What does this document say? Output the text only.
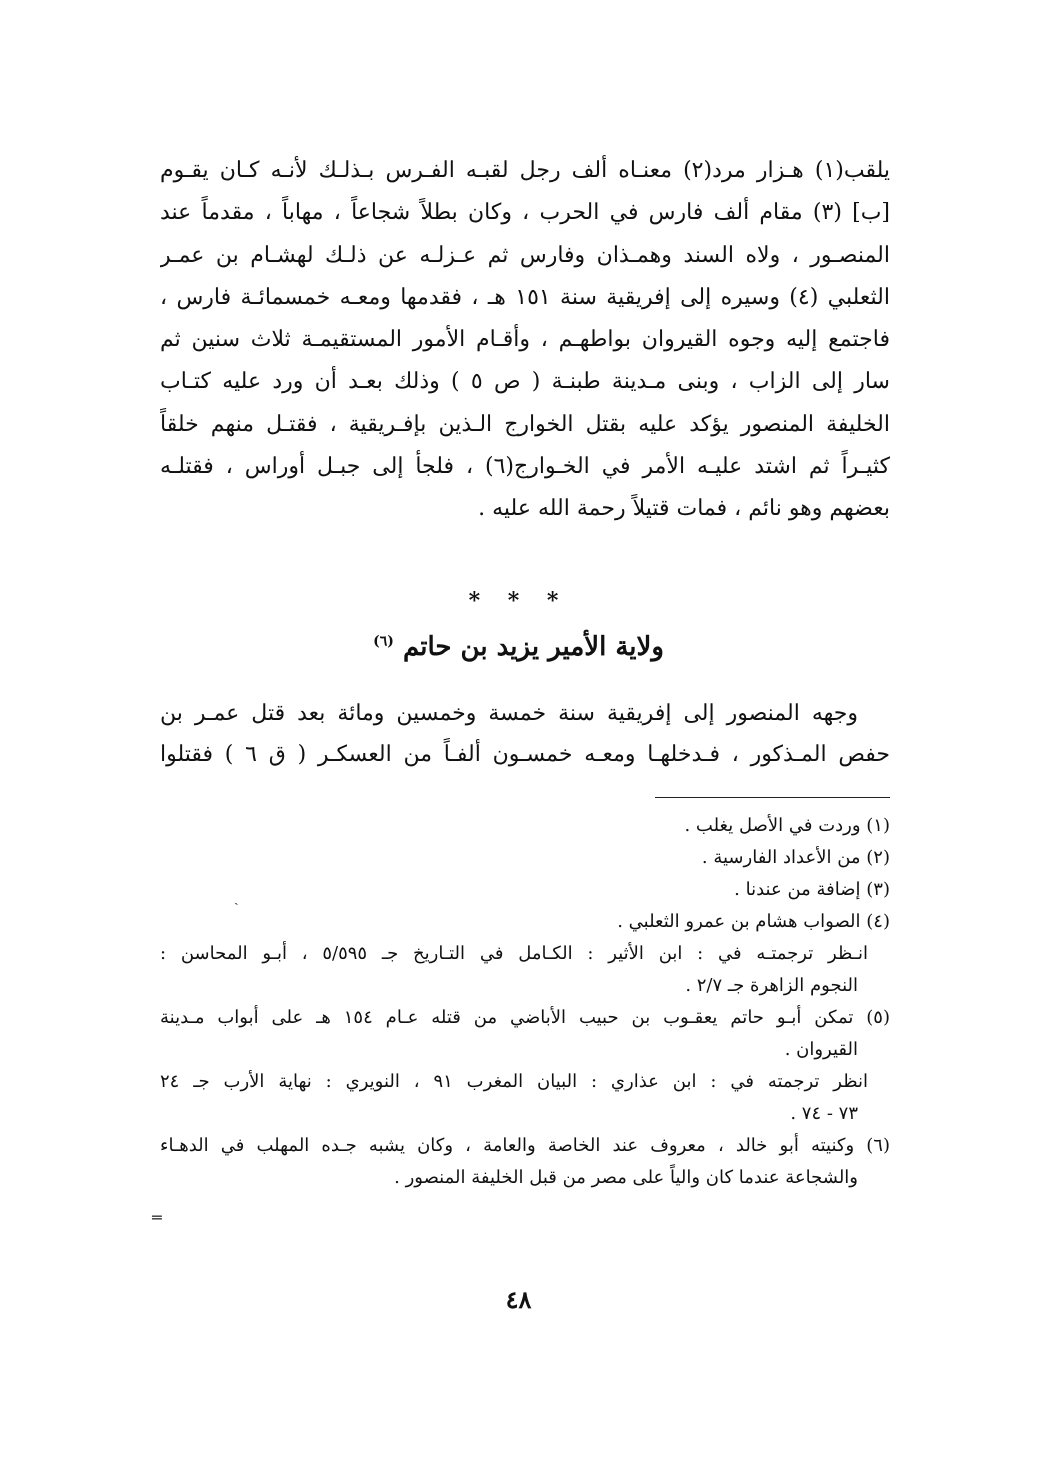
يلقب(١) هـزار مرد(٢) معنـاه ألف رجل لقبـه الفـرس بـذلـك لأنـه كـان يقـوم
[ب] (٣) مقام ألف فارس في الحرب ، وكان بطلاً شجاعاً ، مهاباً ، مقدماً عند
المنصـور ، ولاه السند وهمـذان وفارس ثم عـزلـه عن ذلـك لهشـام بن عمـر
الثعلبي (٤) وسيره إلى إفريقية سنة ١٥١ هـ ، فقدمها ومعـه خمسمائـة فارس ،
فاجتمع إليه وجوه القيروان بواطهـم ، وأقـام الأمور المستقيمـة ثلاث سنين ثم
سار إلى الزاب ، وبنى مـدينة طبنـة ( ص ٥ ) وذلك بعـد أن ورد عليه كتـاب
الخليفة المنصور يؤكد عليه بقتل الخوارج الـذين بإفـريقية ، فقتـل منهم خلقاً
كثيـراً ثم اشتد عليـه الأمر في الخـوارج(٦) ، فلجأ إلى جبـل أوراس ، فقتلـه
بعضهم وهو نائم ، فمات قتيلاً رحمة الله عليه .
* * *
ولاية الأمير يزيد بن حاتم $^{(٦)}$
وجهه المنصور إلى إفريقية سنة خمسة وخمسين ومائة بعد قتل عمـر بن
حفص المـذكور ، فـدخلهـا ومعـه خمسـون ألفـاً من العسكـر ( ق ٦ ) فقتلوا
(١) وردت في الأصل يغلب .
(٢) من الأعداد الفارسية .
(٣) إضافة من عندنا .
(٤) الصواب هشام بن عمرو الثعلبي .
انـظر ترجمتـه في : ابن الأثير : الكـامل في التـاريخ جـ ٥/٥٩٥ ، أبـو المحاسن :
النجوم الزاهرة جـ ٢/٧ .
(٥) تمكن أبـو حاتم يعقـوب بن حبيب الأباضي من قتله عـام ١٥٤ هـ على أبواب مـدينة
القيروان .
انظر ترجمته في : ابن عذاري : البيان المغرب ٩١ ، النويري : نهاية الأرب جـ ٢٤
٧٣ - ٧٤ .
(٦) وكنيته أبو خالد ، معروف عند الخاصة والعامة ، وكان يشبه جـده المهلب في الدهـاء
والشجاعة عندما كان والياً على مصر من قبل الخليفة المنصور .
ˏ
═
٤٨
